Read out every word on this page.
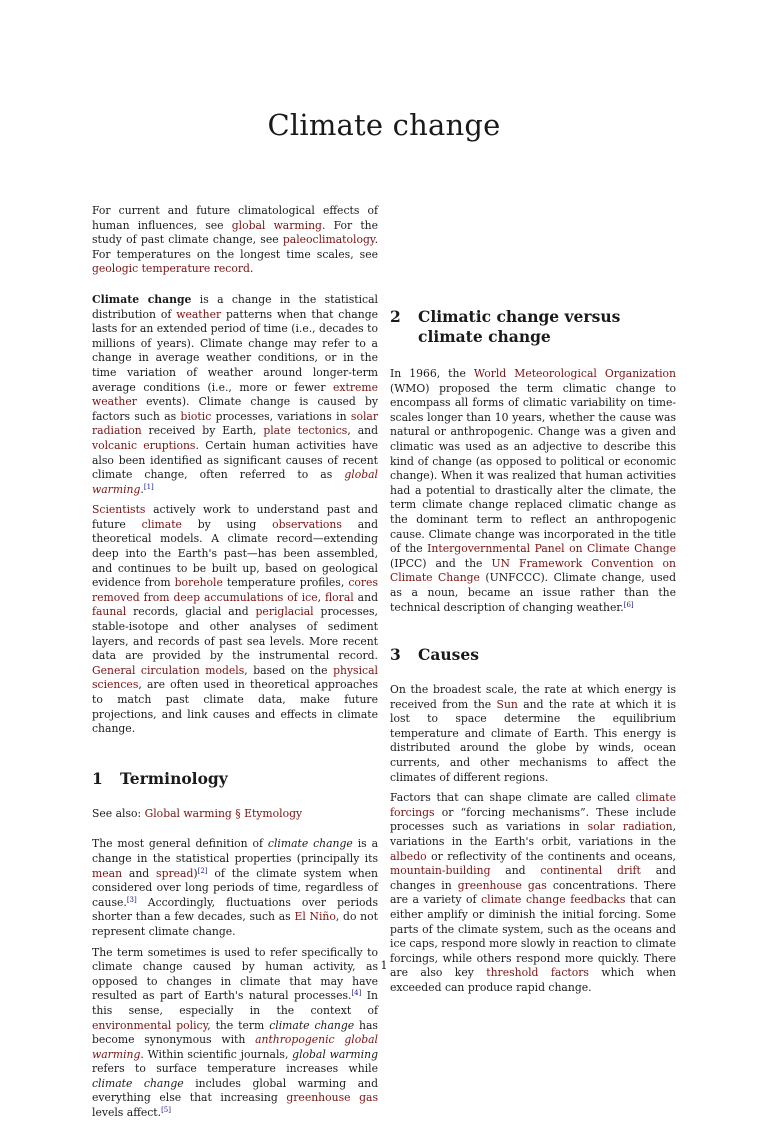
Climate change

For current and future climatological effects of human influences, see global warming. For the study of past climate change, see paleoclimatology. For temperatures on the longest time scales, see geologic temperature record.

Climate change is a change in the statistical distribution of weather patterns when that change lasts for an extended period of time (i.e., decades to millions of years). Climate change may refer to a change in average weather conditions, or in the time variation of weather around longer-term average conditions (i.e., more or fewer extreme weather events). Climate change is caused by factors such as biotic processes, variations in solar radiation received by Earth, plate tectonics, and volcanic eruptions. Certain human activities have also been identified as significant causes of recent climate change, often referred to as global warming.[1]

Scientists actively work to understand past and future climate by using observations and theoretical models. A climate record—extending deep into the Earth's past—has been assembled, and continues to be built up, based on geological evidence from borehole temperature profiles, cores removed from deep accumulations of ice, floral and faunal records, glacial and periglacial processes, stable-isotope and other analyses of sediment layers, and records of past sea levels. More recent data are provided by the instrumental record. General circulation models, based on the physical sciences, are often used in theoretical approaches to match past climate data, make future projections, and link causes and effects in climate change.

1	Terminology

See also: Global warming § Etymology

The most general definition of climate change is a change in the statistical properties (principally its mean and spread)[2] of the climate system when considered over long periods of time, regardless of cause.[3] Accordingly, fluctuations over periods shorter than a few decades, such as El Niño, do not represent climate change.

The term sometimes is used to refer specifically to climate change caused by human activity, as opposed to changes in climate that may have resulted as part of Earth's natural processes.[4] In this sense, especially in the context of environmental policy, the term climate change has become synonymous with anthropogenic global warming. Within scientific journals, global warming refers to surface temperature increases while climate change includes global warming and everything else that increasing greenhouse gas levels affect.[5]

2	Climatic change versus climate change

In 1966, the World Meteorological Organization (WMO) proposed the term climatic change to encompass all forms of climatic variability on time-scales longer than 10 years, whether the cause was natural or anthropogenic. Change was a given and climatic was used as an adjective to describe this kind of change (as opposed to political or economic change). When it was realized that human activities had a potential to drastically alter the climate, the term climate change replaced climatic change as the dominant term to reflect an anthropogenic cause. Climate change was incorporated in the title of the Intergovernmental Panel on Climate Change (IPCC) and the UN Framework Convention on Climate Change (UNFCCC). Climate change, used as a noun, became an issue rather than the technical description of changing weather.[6]

3	Causes

On the broadest scale, the rate at which energy is received from the Sun and the rate at which it is lost to space determine the equilibrium temperature and climate of Earth. This energy is distributed around the globe by winds, ocean currents, and other mechanisms to affect the climates of different regions.

Factors that can shape climate are called climate forcings or “forcing mechanisms”. These include processes such as variations in solar radiation, variations in the Earth's orbit, variations in the albedo or reflectivity of the continents and oceans, mountain-building and continental drift and changes in greenhouse gas concentrations. There are a variety of climate change feedbacks that can either amplify or diminish the initial forcing. Some parts of the climate system, such as the oceans and ice caps, respond more slowly in reaction to climate forcings, while others respond more quickly. There are also key threshold factors which when exceeded can produce rapid change.

1
